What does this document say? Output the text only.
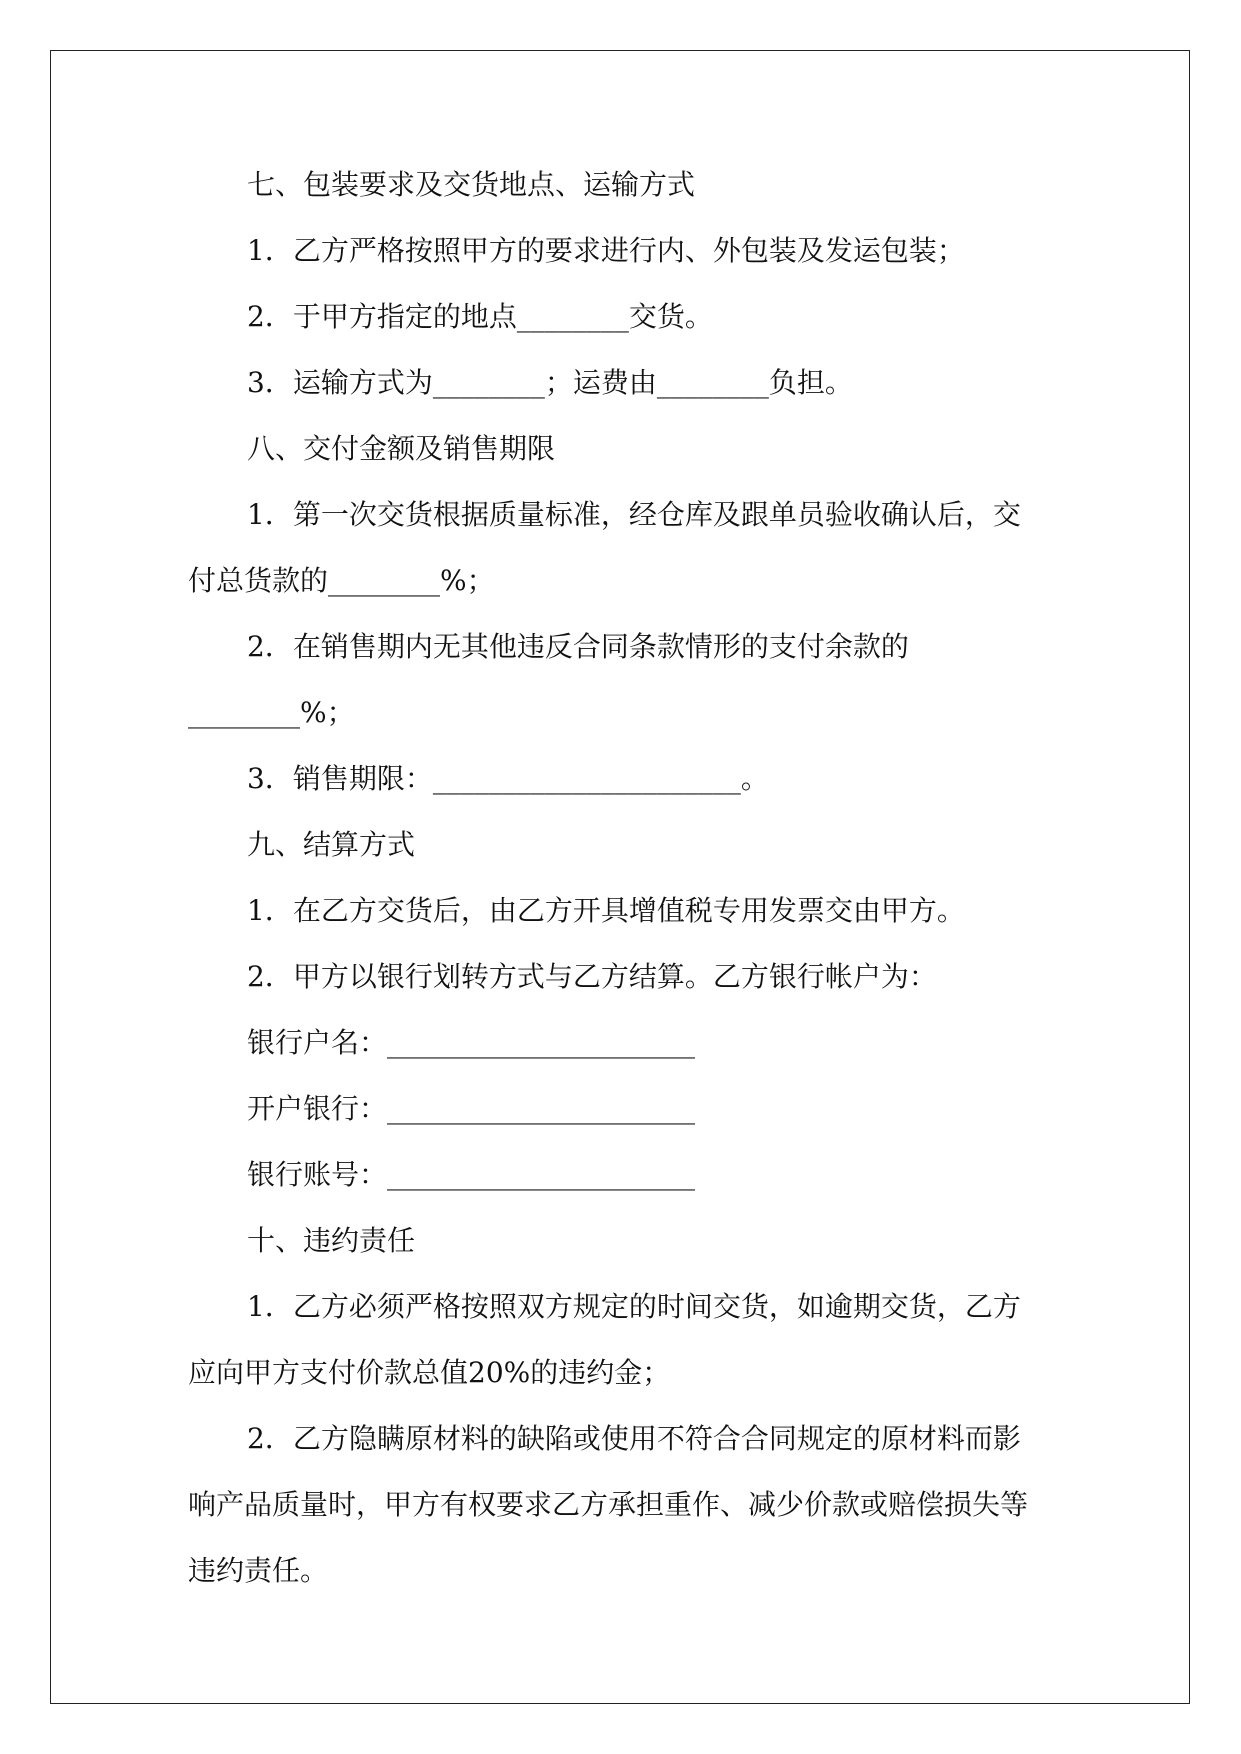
七、包装要求及交货地点、运输方式
1．乙方严格按照甲方的要求进行内、外包装及发运包装；
2．于甲方指定的地点________交货。
3．运输方式为________；运费由________负担。
八、交付金额及销售期限
1．第一次交货根据质量标准，经仓库及跟单员验收确认后，交
付总货款的________%；
2．在销售期内无其他违反合同条款情形的支付余款的
________%；
3．销售期限：______________________。
九、结算方式
1．在乙方交货后，由乙方开具增值税专用发票交由甲方。
2．甲方以银行划转方式与乙方结算。乙方银行帐户为：
银行户名：______________________
开户银行：______________________
银行账号：______________________
十、违约责任
1．乙方必须严格按照双方规定的时间交货，如逾期交货，乙方
应向甲方支付价款总值20%的违约金；
2．乙方隐瞒原材料的缺陷或使用不符合合同规定的原材料而影
响产品质量时，甲方有权要求乙方承担重作、减少价款或赔偿损失等
违约责任。
